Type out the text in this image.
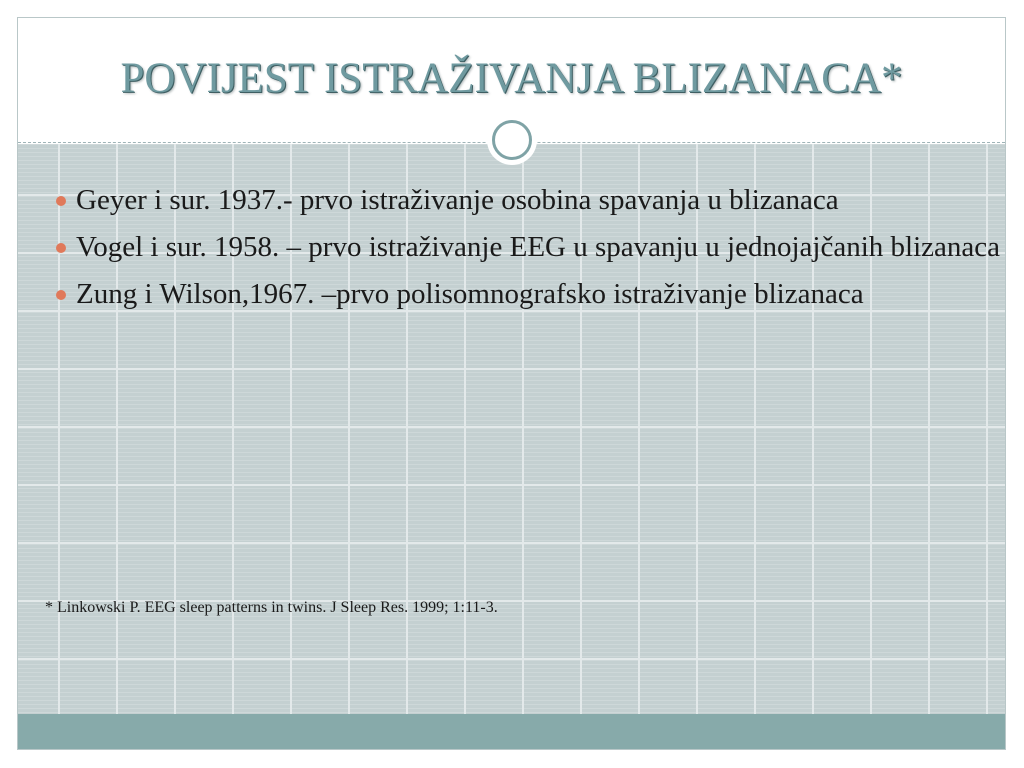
POVIJEST ISTRAŽIVANJA BLIZANACA*
Geyer i sur. 1937.- prvo istraživanje osobina spavanja u blizanaca
Vogel i sur. 1958. – prvo istraživanje EEG u spavanju u jednojajčanih blizanaca
Zung i Wilson,1967. –prvo polisomnografsko istraživanje blizanaca
* Linkowski P. EEG sleep patterns in twins. J Sleep Res. 1999; 1:11-3.
